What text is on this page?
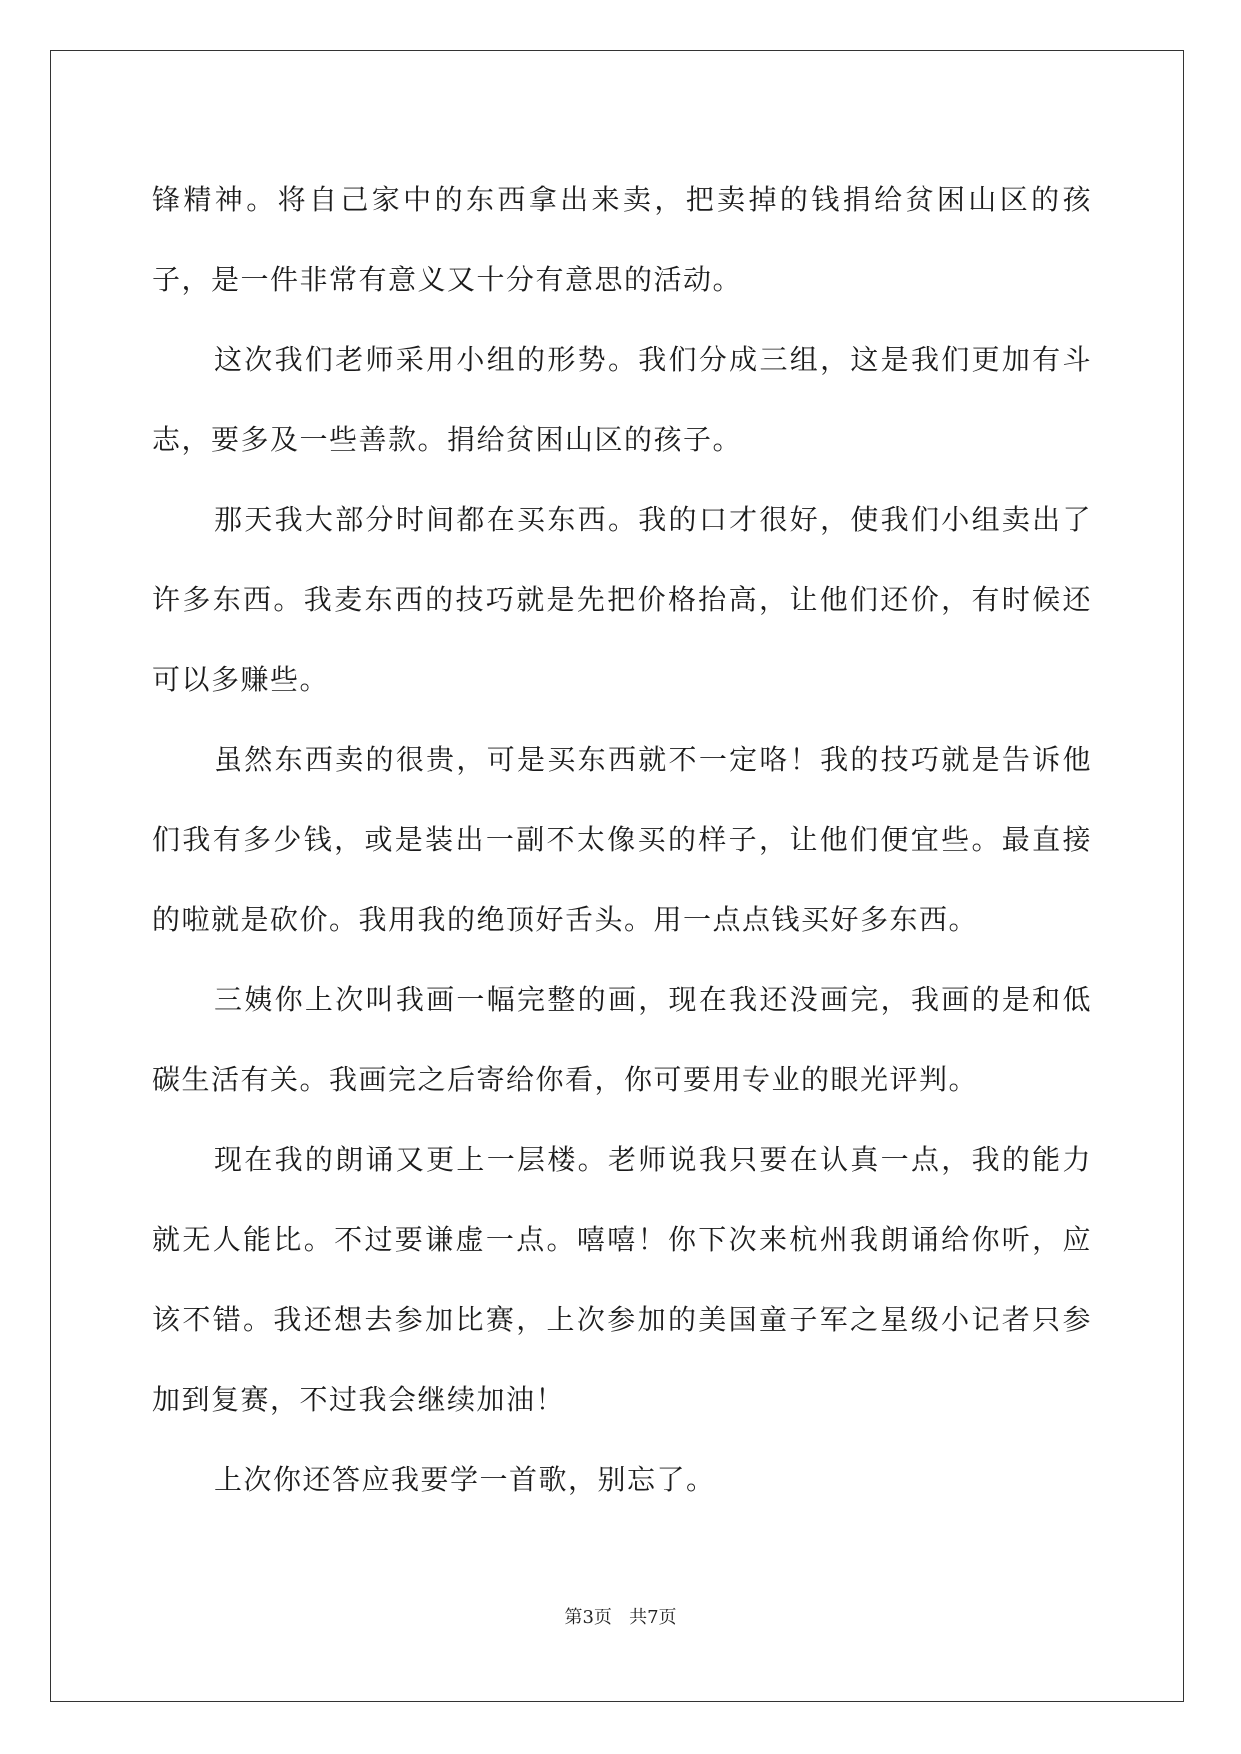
锋精神。将自己家中的东西拿出来卖，把卖掉的钱捐给贫困山区的孩子，是一件非常有意义又十分有意思的活动。

这次我们老师采用小组的形势。我们分成三组，这是我们更加有斗志，要多及一些善款。捐给贫困山区的孩子。

那天我大部分时间都在买东西。我的口才很好，使我们小组卖出了许多东西。我麦东西的技巧就是先把价格抬高，让他们还价，有时候还可以多赚些。

虽然东西卖的很贵，可是买东西就不一定咯！我的技巧就是告诉他们我有多少钱，或是装出一副不太像买的样子，让他们便宜些。最直接的啦就是砍价。我用我的绝顶好舌头。用一点点钱买好多东西。

三姨你上次叫我画一幅完整的画，现在我还没画完，我画的是和低碳生活有关。我画完之后寄给你看，你可要用专业的眼光评判。

现在我的朗诵又更上一层楼。老师说我只要在认真一点，我的能力就无人能比。不过要谦虚一点。嘻嘻！你下次来杭州我朗诵给你听，应该不错。我还想去参加比赛，上次参加的美国童子军之星级小记者只参加到复赛，不过我会继续加油！

上次你还答应我要学一首歌，别忘了。

第3页 共7页
